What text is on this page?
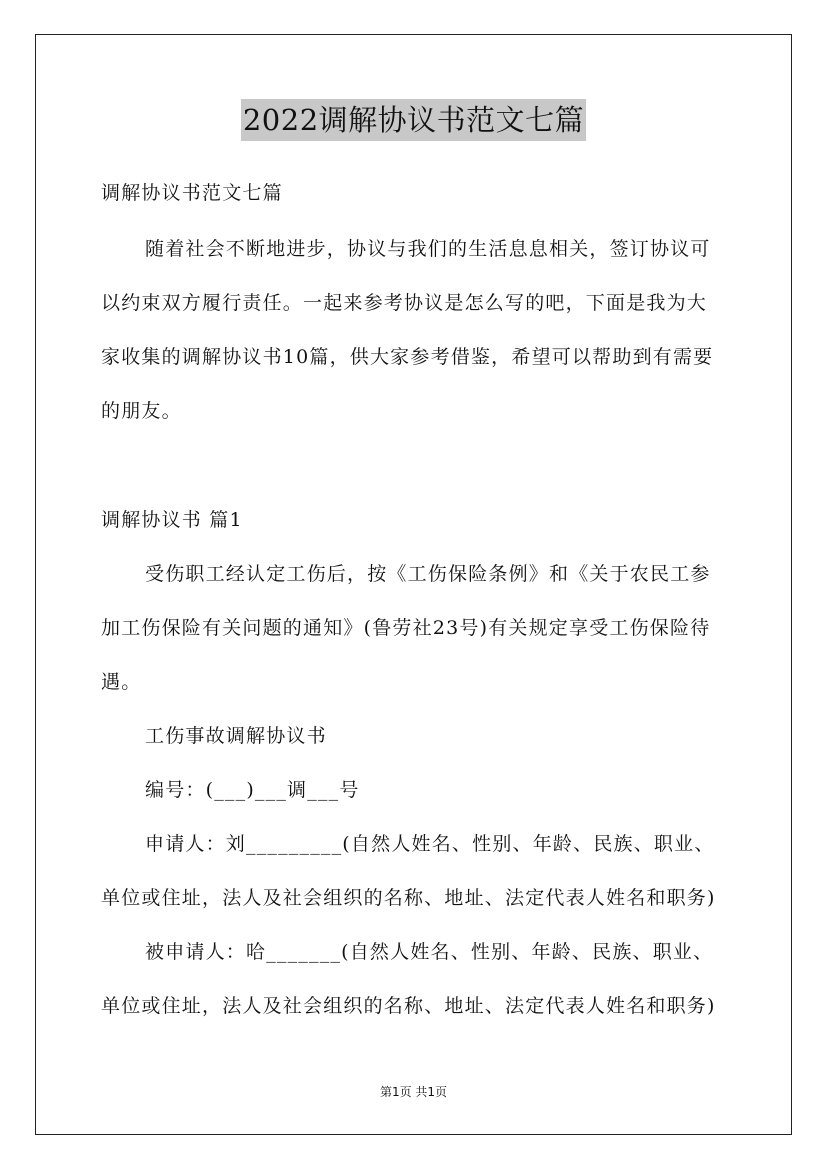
2022调解协议书范文七篇
调解协议书范文七篇
随着社会不断地进步，协议与我们的生活息息相关，签订协议可
以约束双方履行责任。一起来参考协议是怎么写的吧，下面是我为大
家收集的调解协议书10篇，供大家参考借鉴，希望可以帮助到有需要
的朋友。
调解协议书 篇1
受伤职工经认定工伤后，按《工伤保险条例》和《关于农民工参
加工伤保险有关问题的通知》(鲁劳社23号)有关规定享受工伤保险待
遇。
工伤事故调解协议书
编号：(___)___调___号
申请人：刘_________(自然人姓名、性别、年龄、民族、职业、
单位或住址，法人及社会组织的名称、地址、法定代表人姓名和职务)
被申请人：哈_______(自然人姓名、性别、年龄、民族、职业、
单位或住址，法人及社会组织的名称、地址、法定代表人姓名和职务)
第1页 共1页
